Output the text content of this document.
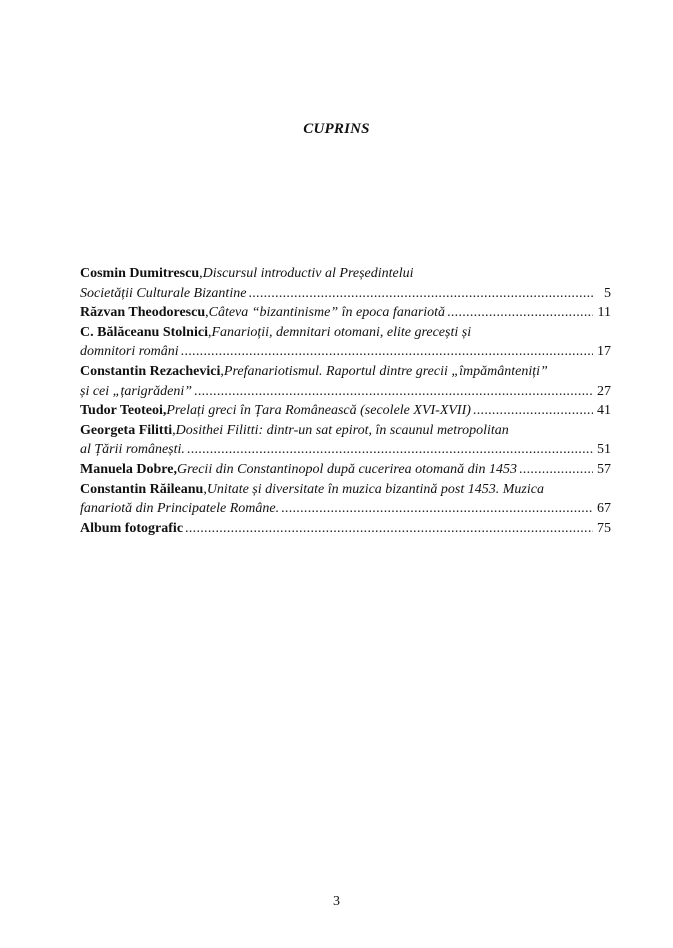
CUPRINS
Cosmin Dumitrescu , Discursul introductiv al Președintelui
Societății Culturale Bizantine .....	5
Răzvan Theodorescu , Câteva “bizantinisme” în epoca fanariotă .....	11
C. Bălăceanu Stolnici , Fanarioții, demnitari otomani, elite grecești și
domnitori români .....	17
Constantin Rezachevici , Prefanariotismul. Raportul dintre grecii „împământeniți”
și cei „țarigrădeni” .....	27
Tudor Teoteoi, Prelați greci în Țara Românească (secolele XVI-XVII) .....	41
Georgeta Filitti , Dosithei Filitti: dintr-un sat epirot, în scaunul metropolitan
al Țării românești. .....	51
Manuela Dobre, Grecii din Constantinopol după cucerirea otomană din 1453 .....	57
Constantin Răileanu , Unitate și diversitate în muzica bizantină post 1453. Muzica
fanariotă din Principatele Române. .....	67
Album fotografic .....	75
3
